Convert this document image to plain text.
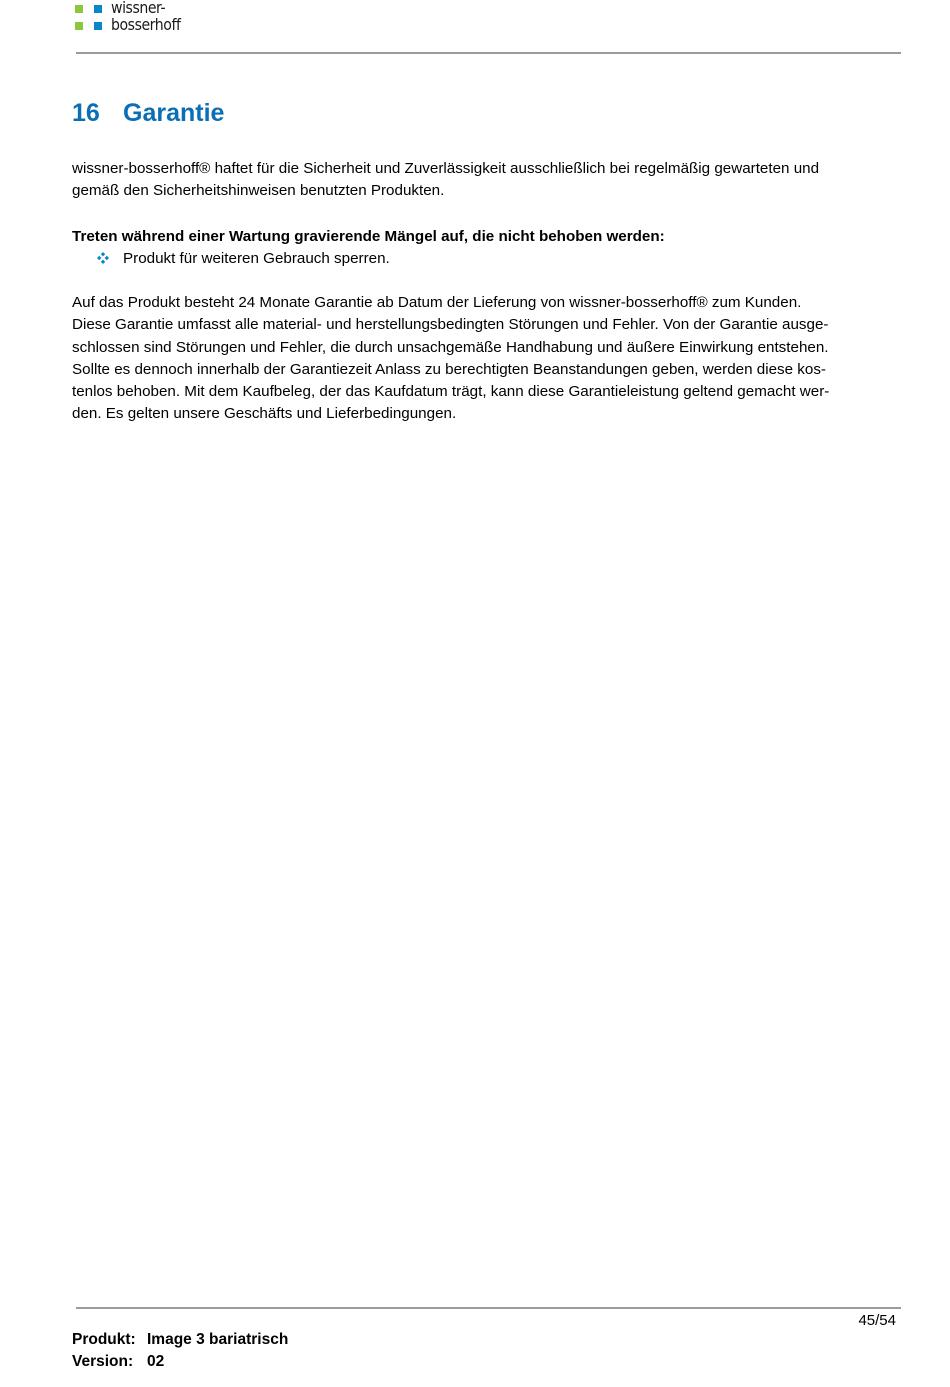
wissner-
bosserhoff
16 Garantie

wissner-bosserhoff® haftet für die Sicherheit und Zuverlässigkeit ausschließlich bei regelmäßig gewarteten und
gemäß den Sicherheitshinweisen benutzten Produkten.

Treten während einer Wartung gravierende Mängel auf, die nicht behoben werden:
Produkt für weiteren Gebrauch sperren.

Auf das Produkt besteht 24 Monate Garantie ab Datum der Lieferung von wissner-bosserhoff® zum Kunden.
Diese Garantie umfasst alle material- und herstellungsbedingten Störungen und Fehler. Von der Garantie ausge-
schlossen sind Störungen und Fehler, die durch unsachgemäße Handhabung und äußere Einwirkung entstehen.
Sollte es dennoch innerhalb der Garantiezeit Anlass zu berechtigten Beanstandungen geben, werden diese kos-
tenlos behoben. Mit dem Kaufbeleg, der das Kaufdatum trägt, kann diese Garantieleistung geltend gemacht wer-
den. Es gelten unsere Geschäfts und Lieferbedingungen.

45/54
Produkt: Image 3 bariatrisch
Version: 02
